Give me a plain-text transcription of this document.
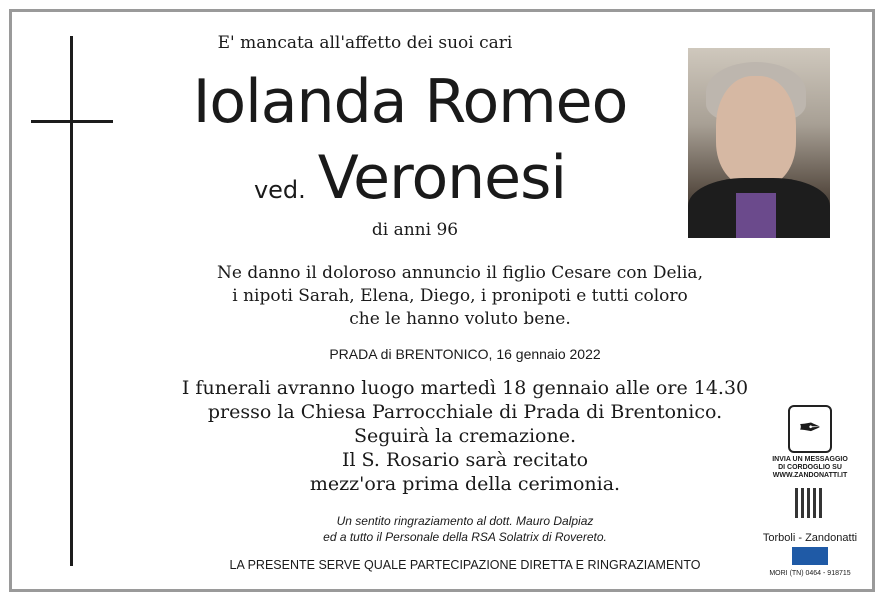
E' mancata all'affetto dei suoi cari
Iolanda Romeo
ved. Veronesi
di anni 96
Ne danno il doloroso annuncio il figlio Cesare con Delia,
i nipoti Sarah, Elena, Diego, i pronipoti e tutti coloro
che le hanno voluto bene.
PRADA di BRENTONICO, 16 gennaio 2022
I funerali avranno luogo martedì 18 gennaio alle ore 14.30
presso la Chiesa Parrocchiale di Prada di Brentonico.
Seguirà la cremazione.
Il S. Rosario sarà recitato
mezz'ora prima della cerimonia.
Un sentito ringraziamento al dott. Mauro Dalpiaz
ed a tutto il Personale della RSA Solatrix di Rovereto.
LA PRESENTE SERVE QUALE PARTECIPAZIONE DIRETTA E RINGRAZIAMENTO
✒
INVIA UN MESSAGGIO
DI CORDOGLIO SU
WWW.ZANDONATTI.IT
Torboli - Zandonatti
MORI (TN) 0464 - 918715
